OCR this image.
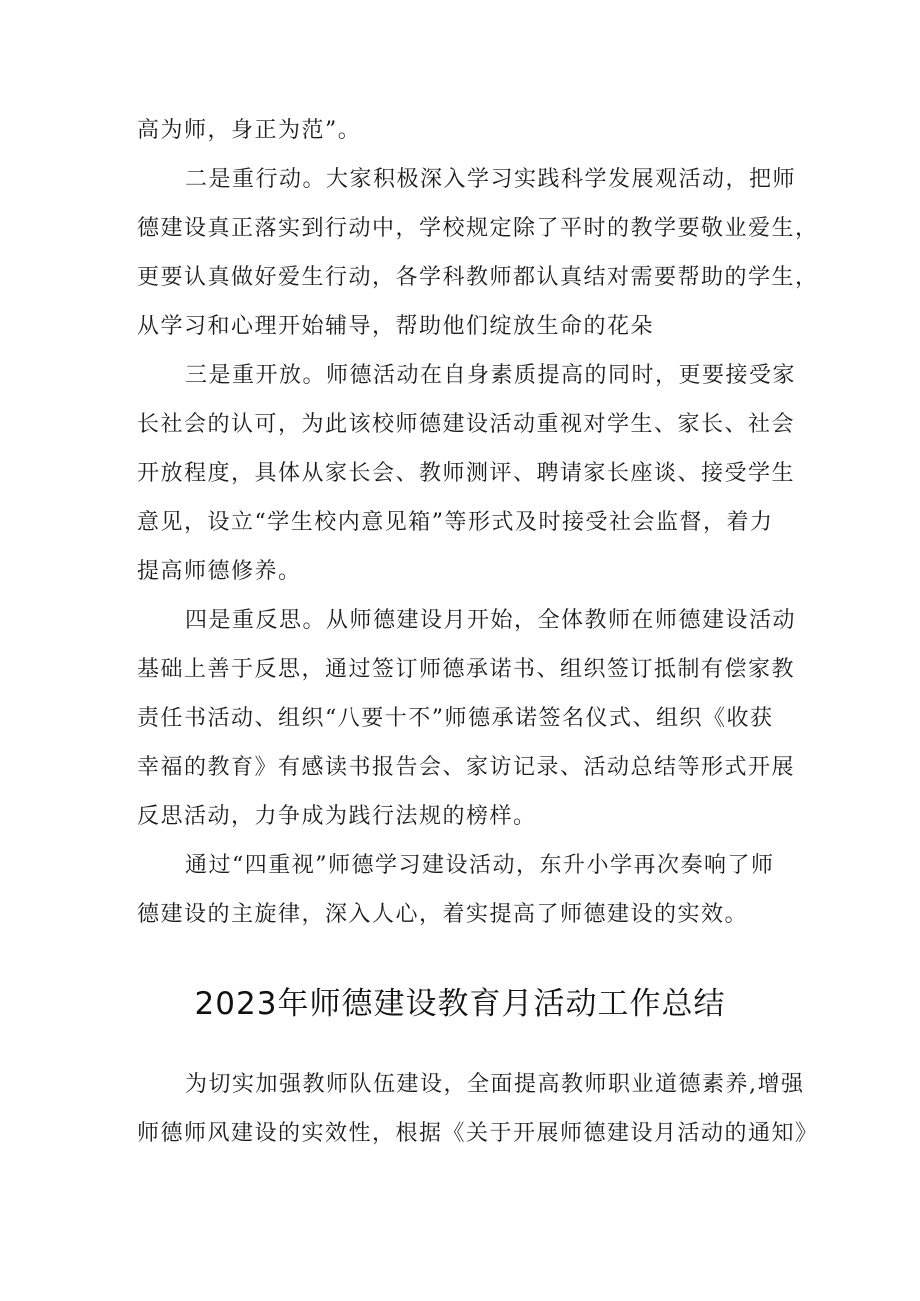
高为师，身正为范”。
二是重行动。大家积极深入学习实践科学发展观活动，把师
德建设真正落实到行动中，学校规定除了平时的教学要敬业爱生，
更要认真做好爱生行动，各学科教师都认真结对需要帮助的学生，
从学习和心理开始辅导，帮助他们绽放生命的花朵
三是重开放。师德活动在自身素质提高的同时，更要接受家
长社会的认可，为此该校师德建设活动重视对学生、家长、社会
开放程度，具体从家长会、教师测评、聘请家长座谈、接受学生
意见，设立“学生校内意见箱”等形式及时接受社会监督，着力
提高师德修养。
四是重反思。从师德建设月开始，全体教师在师德建设活动
基础上善于反思，通过签订师德承诺书、组织签订抵制有偿家教
责任书活动、组织“八要十不”师德承诺签名仪式、组织《收获
幸福的教育》有感读书报告会、家访记录、活动总结等形式开展
反思活动，力争成为践行法规的榜样。
通过“四重视”师德学习建设活动，东升小学再次奏响了师
德建设的主旋律，深入人心，着实提高了师德建设的实效。
2023年师德建设教育月活动工作总结
为切实加强教师队伍建设，全面提高教师职业道德素养,增强
师德师风建设的实效性，根据《关于开展师德建设月活动的通知》
